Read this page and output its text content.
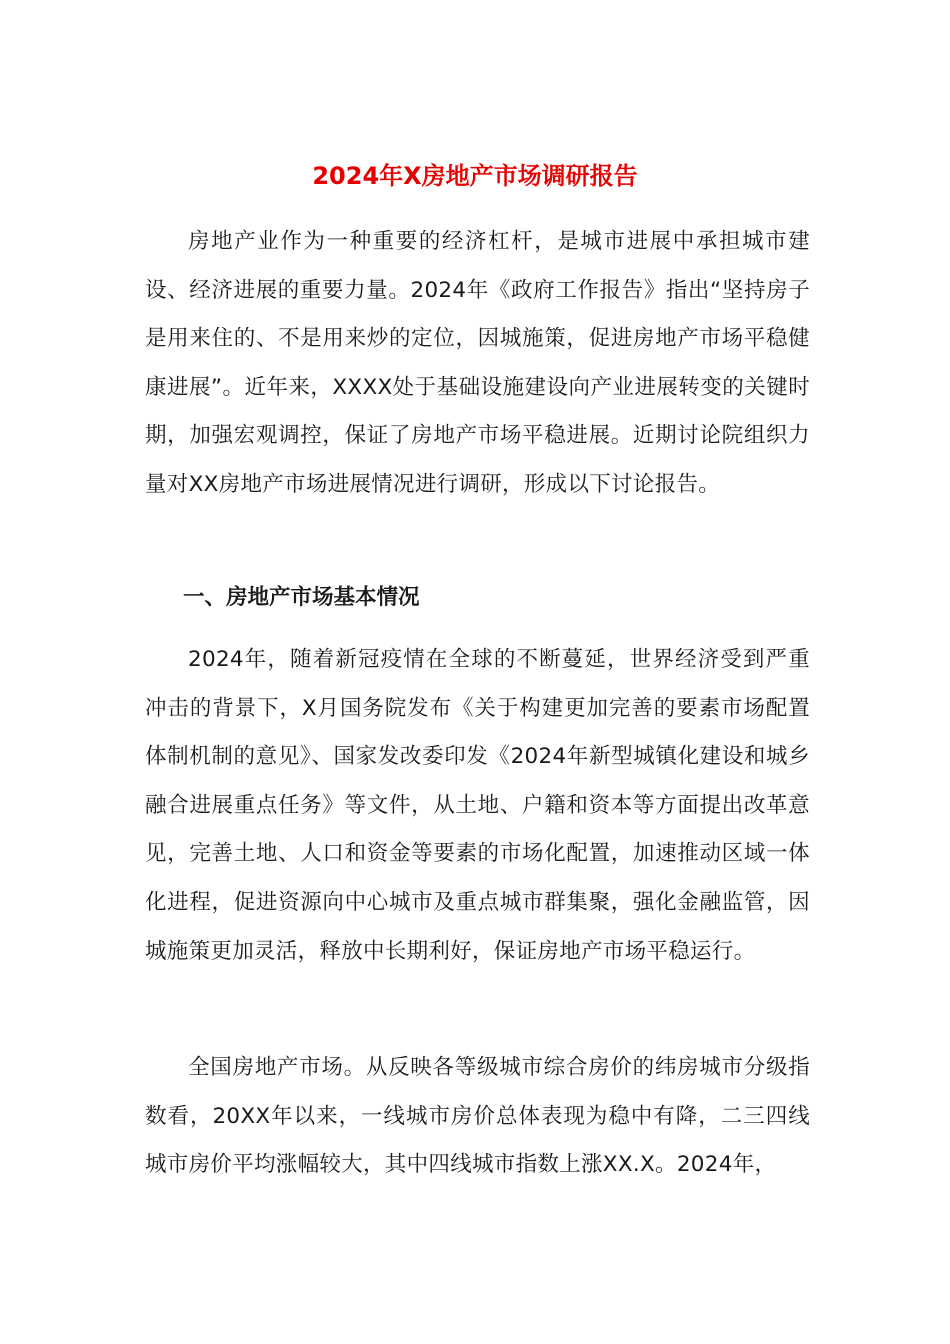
2024年X房地产市场调研报告

房地产业作为一种重要的经济杠杆，是城市进展中承担城市建设、经济进展的重要力量。2024年《政府工作报告》指出“坚持房子是用来住的、不是用来炒的定位，因城施策，促进房地产市场平稳健康进展”。近年来，XXXX处于基础设施建设向产业进展转变的关键时期，加强宏观调控，保证了房地产市场平稳进展。近期讨论院组织力量对XX房地产市场进展情况进行调研，形成以下讨论报告。

一、房地产市场基本情况

2024年，随着新冠疫情在全球的不断蔓延，世界经济受到严重冲击的背景下，X月国务院发布《关于构建更加完善的要素市场配置体制机制的意见》、国家发改委印发《2024年新型城镇化建设和城乡融合进展重点任务》等文件，从土地、户籍和资本等方面提出改革意见，完善土地、人口和资金等要素的市场化配置，加速推动区域一体化进程，促进资源向中心城市及重点城市群集聚，强化金融监管，因城施策更加灵活，释放中长期利好，保证房地产市场平稳运行。

全国房地产市场。从反映各等级城市综合房价的纬房城市分级指数看，20XX年以来，一线城市房价总体表现为稳中有降，二三四线城市房价平均涨幅较大，其中四线城市指数上涨XX.X。2024年，
